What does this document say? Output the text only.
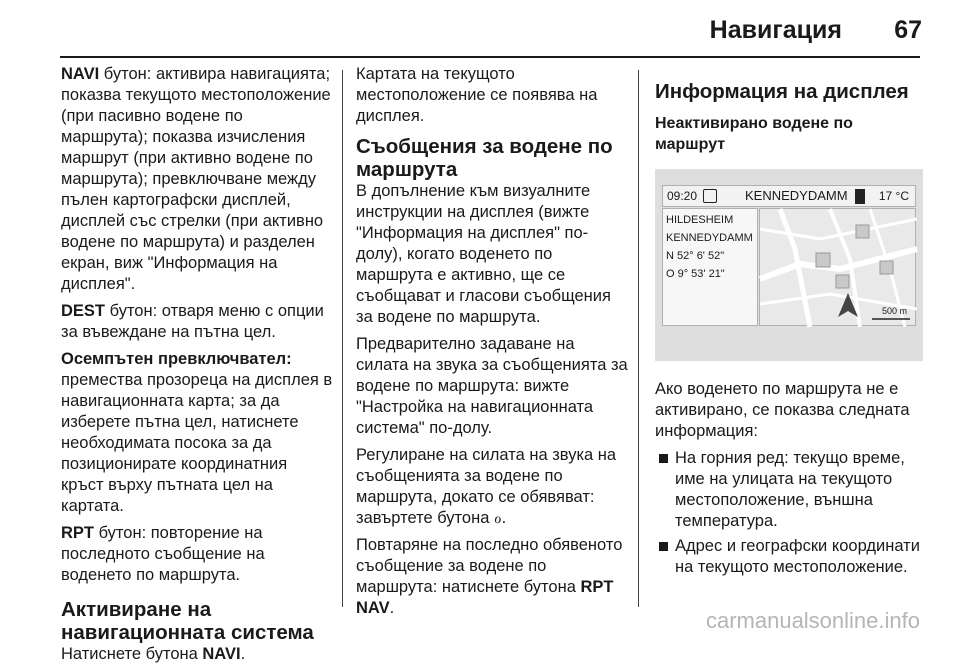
Навигация 67

NAVI бутон: активира навигацията; показва текущото местоположение (при пасивно водене по маршрута); показва изчисления маршрут (при активно водене по маршрута); превключване между пълен картографски дисплей, дисплей със стрелки (при активно водене по маршрута) и разделен екран, виж "Информация на дисплея".

DEST бутон: отваря меню с опции за въвеждане на пътна цел.

Осемпътен превключвател:
премества прозореца на дисплея в навигационната карта; за да изберете пътна цел, натиснете необходимата посока за да позиционирате координатния кръст върху пътната цел на картата.

RPT бутон: повторение на последното съобщение на воденето по маршрута.

Активиране на навигационната система

Натиснете бутона NAVI.

Картата на текущото местоположение се появява на дисплея.

Съобщения за водене по маршрута

В допълнение към визуалните инструкции на дисплея (вижте "Информация на дисплея" по-долу), когато воденето по маршрута е активно, ще се съобщават и гласови съобщения за водене по маршрута.

Предварително задаване на силата на звука за съобщенията за водене по маршрута: вижте "Настройка на навигационната система" по-долу.

Регулиране на силата на звука на съобщенията за водене по маршрута, докато се обявяват: завъртете бутона ℴ.

Повтаряне на последно обявеното съобщение за водене по маршрута: натиснете бутона RPT NAV.

Информация на дисплея
Неактивирано водене по маршрут
09:20	KENNEDYDAMM	17 °C
HILDESHEIM
KENNEDYDAMM
N 52° 6' 52"
O 9° 53' 21"
500 m

Ако воденето по маршрута не е активирано, се показва следната информация:

На горния ред: текущо време, име на улицата на текущото местоположение, външна температура.
Адрес и географски координати на текущото местоположение.
carmanualsonline.info
